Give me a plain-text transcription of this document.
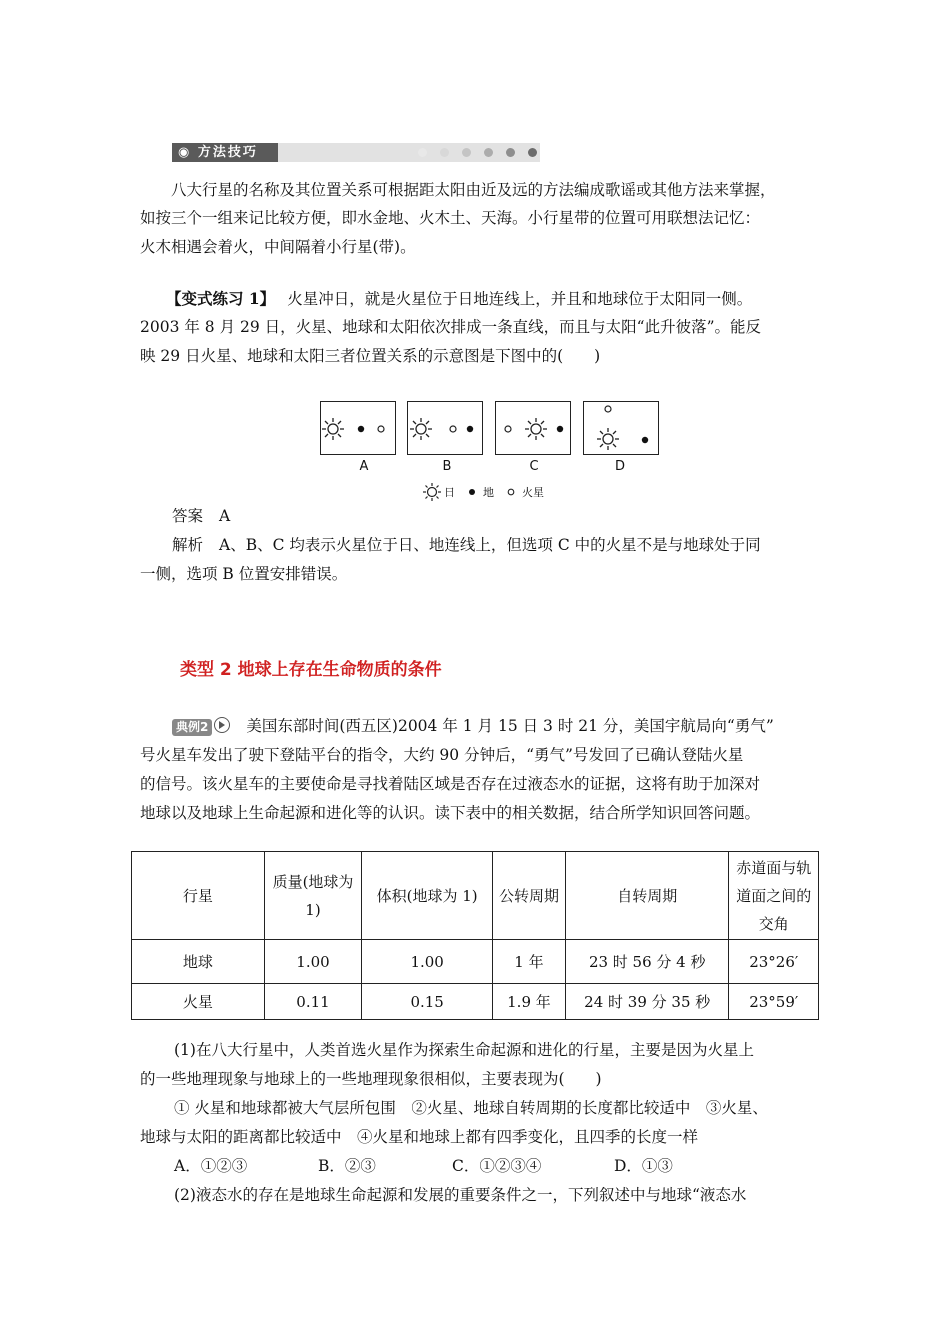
◉ 方法技巧
八大行星的名称及其位置关系可根据距太阳由近及远的方法编成歌谣或其他方法来掌握，
如按三个一组来记比较方便，即水金地、火木土、天海。小行星带的位置可用联想法记忆：
火木相遇会着火，中间隔着小行星(带)。
【变式练习 1】 火星冲日，就是火星位于日地连线上，并且和地球位于太阳同一侧。
2003 年 8 月 29 日，火星、地球和太阳依次排成一条直线，而且与太阳“此升彼落”。能反
映 29 日火星、地球和太阳三者位置关系的示意图是下图中的(　　)
A	B	C	D
日	地	火星
答案 A
解析 A、B、C 均表示火星位于日、地连线上，但选项 C 中的火星不是与地球处于同
一侧，选项 B 位置安排错误。
类型 2 地球上存在生命物质的条件
典例2 美国东部时间(西五区)2004 年 1 月 15 日 3 时 21 分，美国宇航局向“勇气”
号火星车发出了驶下登陆平台的指令，大约 90 分钟后，“勇气”号发回了已确认登陆火星
的信号。该火星车的主要使命是寻找着陆区域是否存在过液态水的证据，这将有助于加深对
地球以及地球上生命起源和进化等的认识。读下表中的相关数据，结合所学知识回答问题。
行星	质量(地球为 1)	体积(地球为 1)	公转周期	自转周期	赤道面与轨道面之间的交角
地球	1.00	1.00	1 年	23 时 56 分 4 秒	23°26′
火星	0.11	0.15	1.9 年	24 时 39 分 35 秒	23°59′
(1)在八大行星中，人类首选火星作为探索生命起源和进化的行星，主要是因为火星上
的一些地理现象与地球上的一些地理现象很相似，主要表现为(　　)
① 火星和地球都被大气层所包围　②火星、地球自转周期的长度都比较适中　③火星、
地球与太阳的距离都比较适中　④火星和地球上都有四季变化，且四季的长度一样
A．①②③	B．②③	C．①②③④	D．①③
(2)液态水的存在是地球生命起源和发展的重要条件之一，下列叙述中与地球“液态水
